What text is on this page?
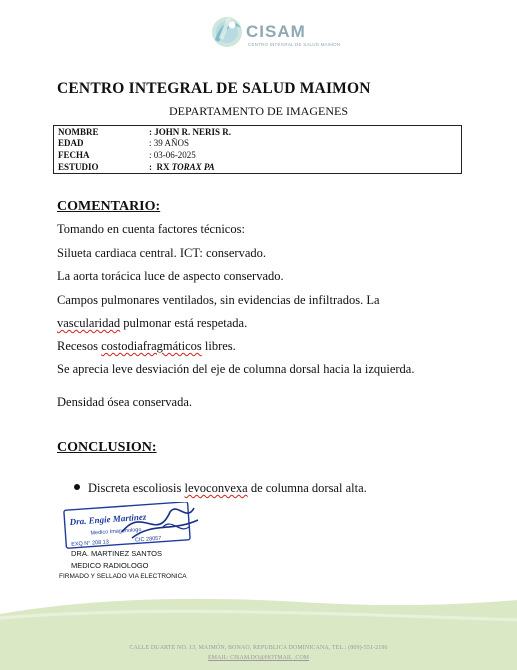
CISAM
CENTRO INTEGRAL DE SALUD MAIMON
CENTRO INTEGRAL DE SALUD MAIMON
DEPARTAMENTO DE IMAGENES
NOMBRE	: JOHN R. NERIS R.
EDAD	: 39 AÑOS
FECHA	: 03-06-2025
ESTUDIO	:  RX TORAX PA
COMENTARIO:
Tomando en cuenta factores técnicos:
Silueta cardiaca central. ICT: conservado.
La aorta torácica luce de aspecto conservado.
Campos pulmonares ventilados, sin evidencias de infiltrados. La
vascularidad pulmonar está respetada.
Recesos costodiafragmáticos libres.
Se aprecia leve desviación del eje de columna dorsal hacia la izquierda.
Densidad ósea conservada.
CONCLUSION:
Discreta escoliosis levoconvexa de columna dorsal alta.
Dra. Engie Martinez
Medico Imagenologo
EXQ N° 208 13	CIC 28057
DRA. MARTINEZ SANTOS
MEDICO RADIOLOGO
FIRMADO Y SELLADO VIA ELECTRONICA
CALLE DUARTE NO. 13, MAIMÓN, BONAO, REPUBLICA DOMINICANA, TEL.: (809)-551-2196
EMAIL: CISAM.DO@HOTMAIL .COM
